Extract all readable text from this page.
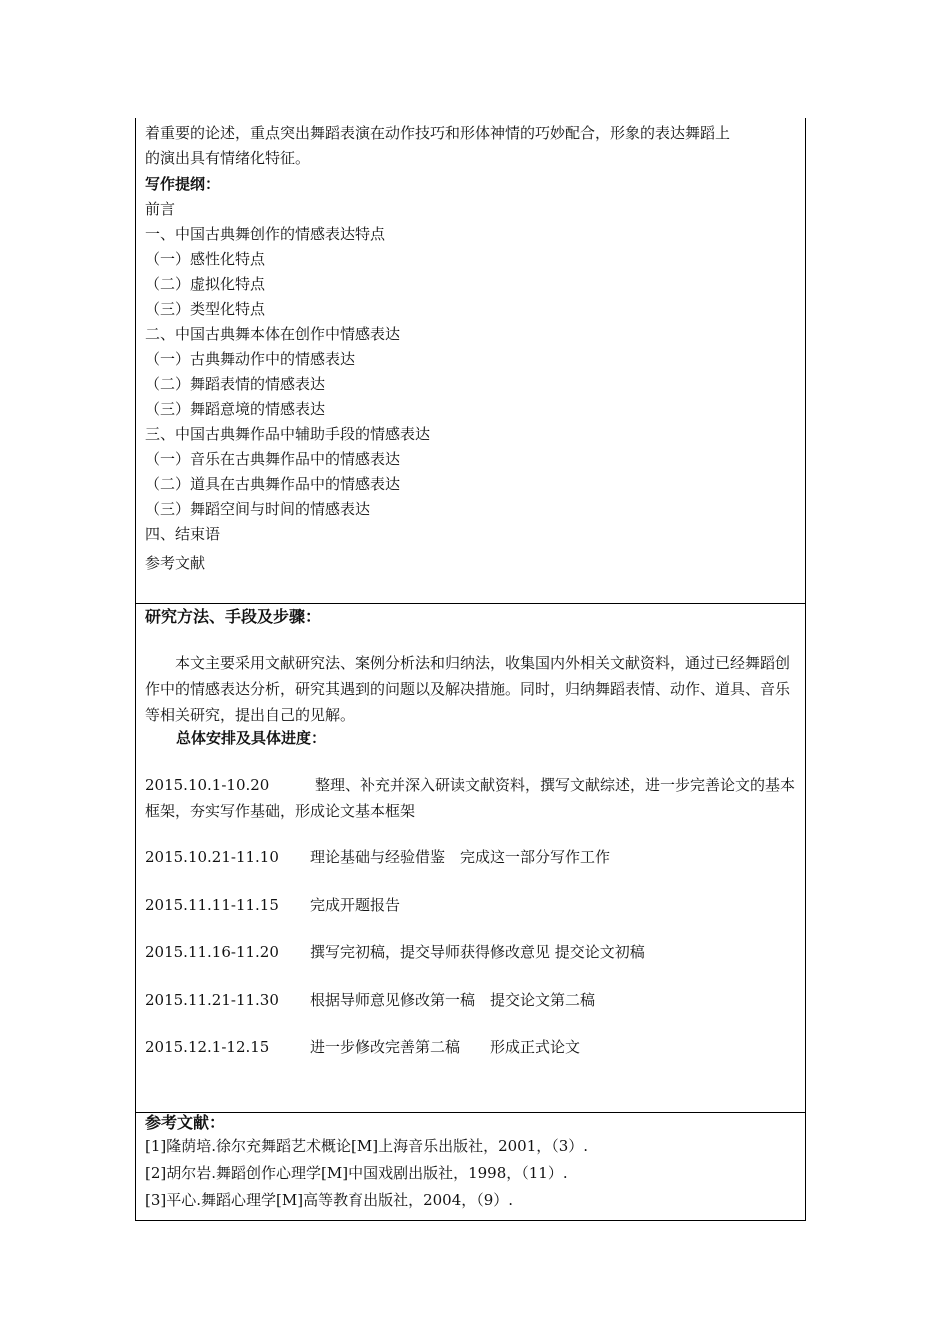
着重要的论述，重点突出舞蹈表演在动作技巧和形体神情的巧妙配合，形象的表达舞蹈上
的演出具有情绪化特征。
写作提纲：
前言
一、中国古典舞创作的情感表达特点
（一）感性化特点
（二）虚拟化特点
（三）类型化特点
二、中国古典舞本体在创作中情感表达
（一）古典舞动作中的情感表达
（二）舞蹈表情的情感表达
（三）舞蹈意境的情感表达
三、中国古典舞作品中辅助手段的情感表达
（一）音乐在古典舞作品中的情感表达
（二）道具在古典舞作品中的情感表达
（三）舞蹈空间与时间的情感表达
四、结束语
参考文献
研究方法、手段及步骤：
本文主要采用文献研究法、案例分析法和归纳法，收集国内外相关文献资料，通过已经舞蹈创作中的情感表达分析，研究其遇到的问题以及解决措施。同时，归纳舞蹈表情、动作、道具、音乐等相关研究，提出自己的见解。
总体安排及具体进度：
2015.10.1-10.20	整理、补充并深入研读文献资料，撰写文献综述，进一步完善论文的基本框架，夯实写作基础，形成论文基本框架
2015.10.21-11.10 理论基础与经验借鉴　完成这一部分写作工作
2015.11.11-11.15 完成开题报告
2015.11.16-11.20 撰写完初稿，提交导师获得修改意见 提交论文初稿
2015.11.21-11.30 根据导师意见修改第一稿　提交论文第二稿
2015.12.1-12.15	进一步修改完善第二稿　　形成正式论文
参考文献：
[1]隆荫培.徐尔充舞蹈艺术概论[M]上海音乐出版社，2001，（3）.
[2]胡尔岩.舞蹈创作心理学[M]中国戏剧出版社，1998，（11）.
[3]平心.舞蹈心理学[M]高等教育出版社，2004，（9）.
